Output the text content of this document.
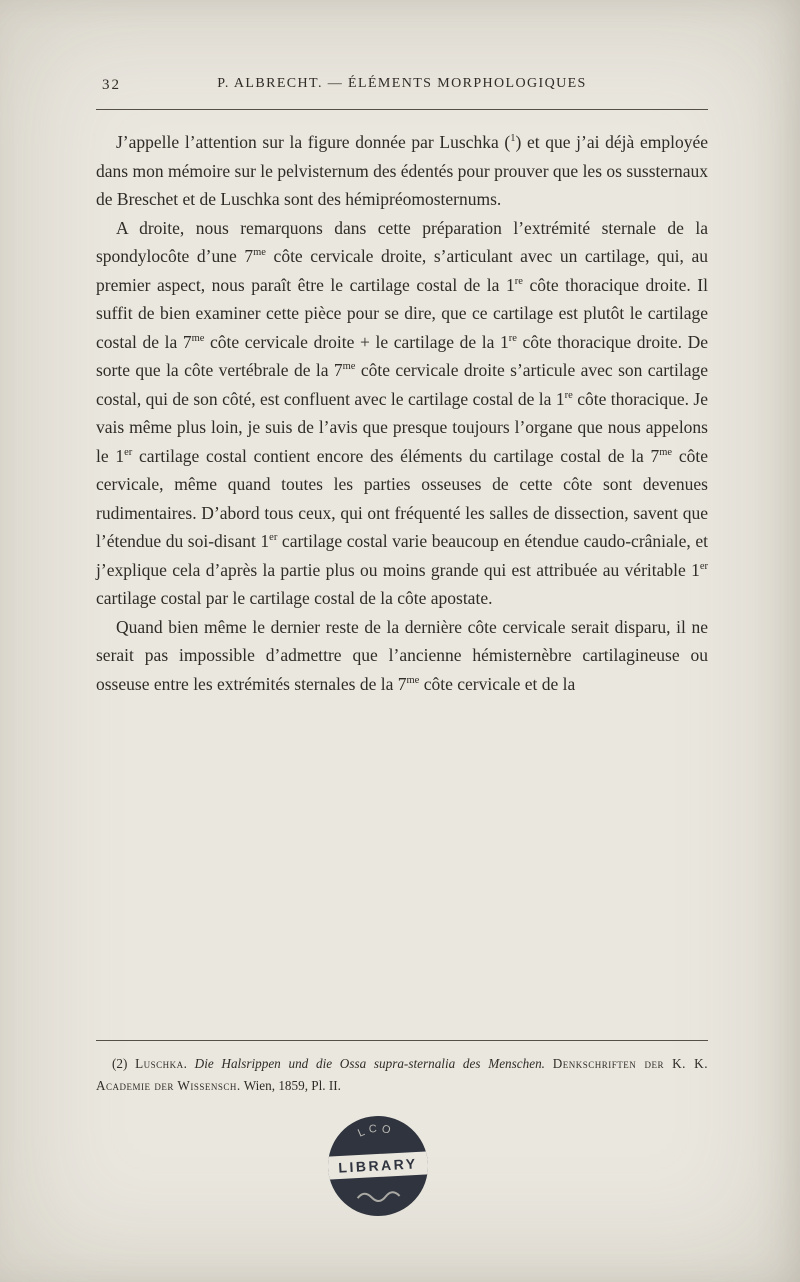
32	P. ALBRECHT. — ÉLÉMENTS MORPHOLOGIQUES

J’appelle l’attention sur la figure donnée par Luschka ($^1$) et que j’ai déjà employée dans mon mémoire sur le pelvisternum des édentés pour prouver que les os sussternaux de Breschet et de Luschka sont des hémipréomosternums.

A droite, nous remarquons dans cette préparation l’extrémité sternale de la spondylocôte d’une $7^{me}$ côte cervicale droite, s’articulant avec un cartilage, qui, au premier aspect, nous paraît être le cartilage costal de la 1re côte thoracique droite. Il suffit de bien examiner cette pièce pour se dire, que ce cartilage est plutôt le cartilage costal de la $7^{me}$ côte cervicale droite + le cartilage de la 1re côte thoracique droite. De sorte que la côte vertébrale de la $7^{me}$ côte cervicale droite s’articule avec son cartilage costal, qui de son côté, est confluent avec le cartilage costal de la 1re côte thoracique. Je vais même plus loin, je suis de l’avis que presque toujours l’organe que nous appelons le 1er cartilage costal contient encore des éléments du cartilage costal de la $7^{me}$ côte cervicale, même quand toutes les parties osseuses de cette côte sont devenues rudimentaires. D’abord tous ceux, qui ont fréquenté les salles de dissection, savent que l’étendue du soi-disant 1er cartilage costal varie beaucoup en étendue caudo-crâniale, et j’explique cela d’après la partie plus ou moins grande qui est attribuée au véritable 1er cartilage costal par le cartilage costal de la côte apostate.

Quand bien même le dernier reste de la dernière côte cervicale serait disparu, il ne serait pas impossible d’admettre que l’ancienne hémisternèbre cartilagineuse ou osseuse entre les extrémités sternales de la $7^{me}$ côte cervicale et de la

(2) Luschka. Die Halsrippen und die Ossa supra-sternalia des Menschen. Denkschriften der K. K. Academie der Wissensch. Wien, 1859, Pl. II.
LCO
LIBRARY
